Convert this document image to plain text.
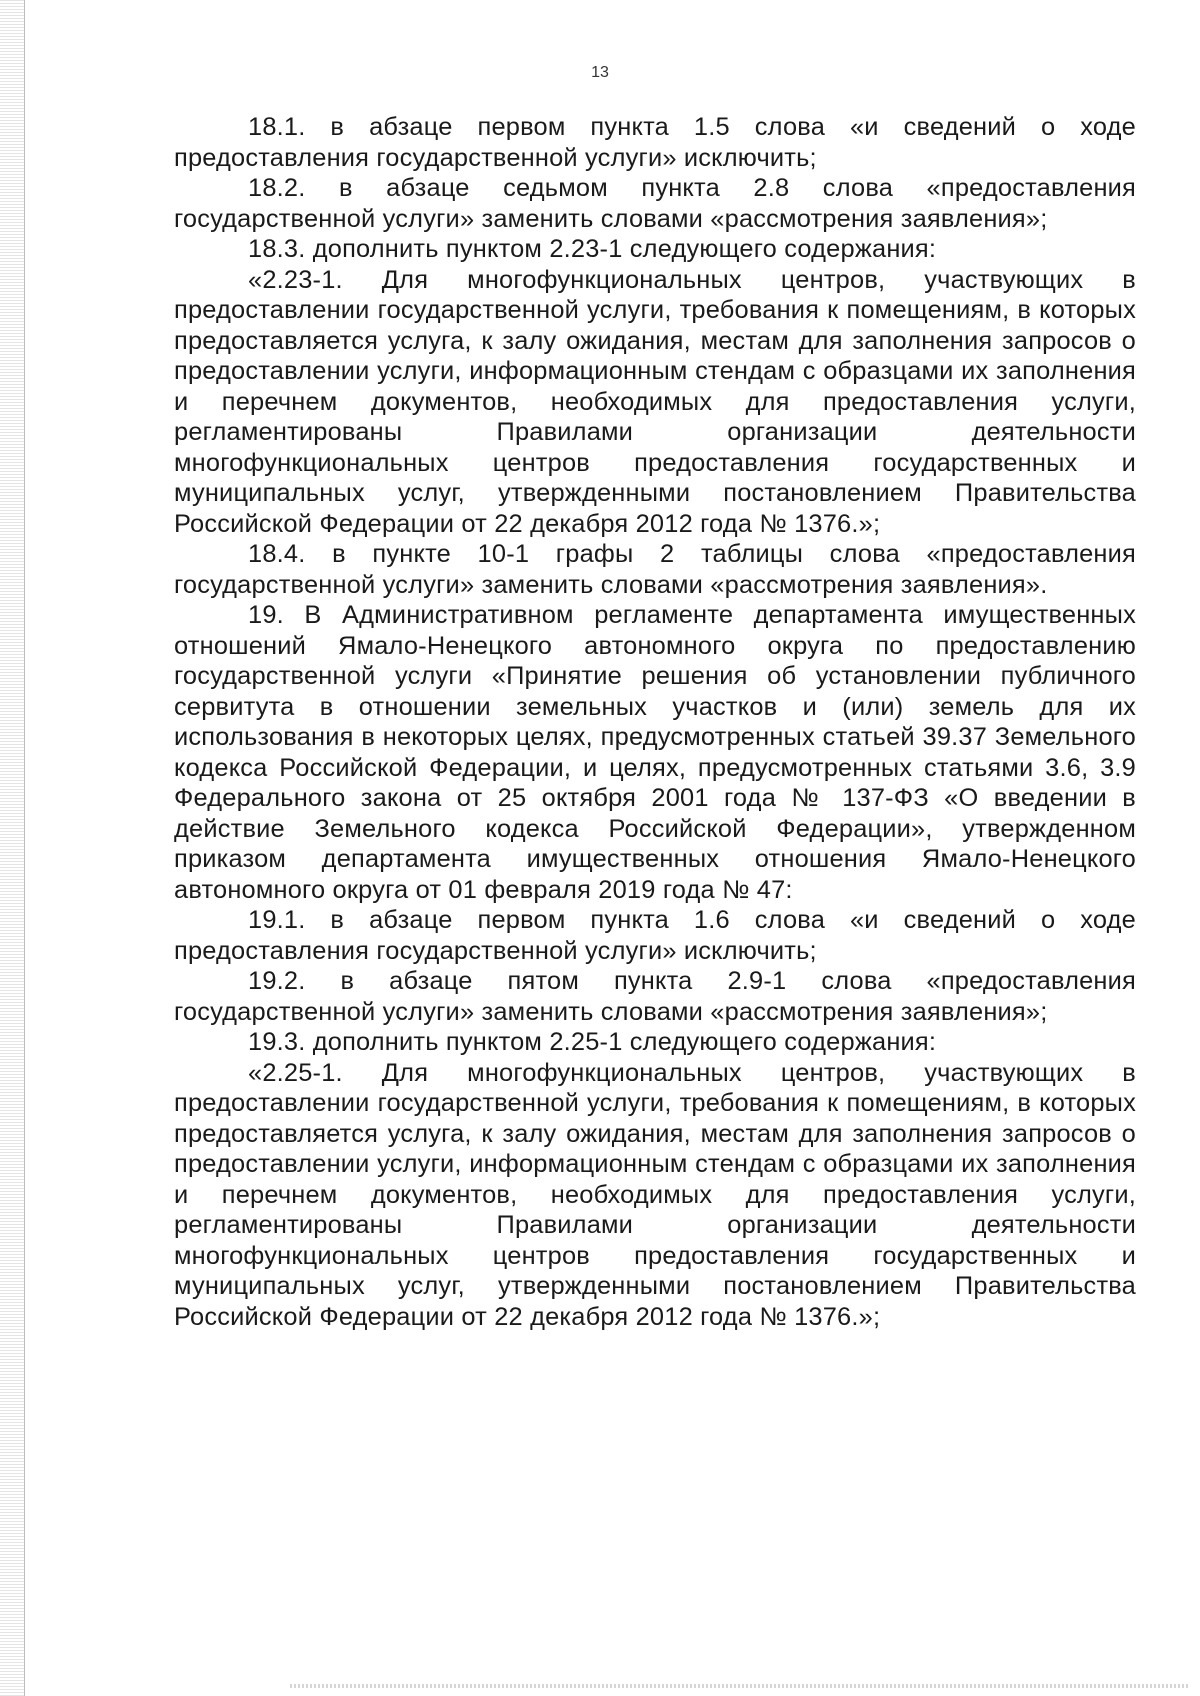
13

18.1. в абзаце первом пункта 1.5 слова «и сведений о ходе предоставления государственной услуги» исключить;

18.2. в абзаце седьмом пункта 2.8 слова «предоставления государственной услуги» заменить словами «рассмотрения заявления»;

18.3. дополнить пунктом 2.23-1 следующего содержания:

«2.23-1. Для многофункциональных центров, участвующих в предоставлении государственной услуги, требования к помещениям, в которых предоставляется услуга, к залу ожидания, местам для заполнения запросов о предоставлении услуги, информационным стендам с образцами их заполнения и перечнем документов, необходимых для предоставления услуги, регламентированы Правилами организации деятельности многофункциональных центров предоставления государственных и муниципальных услуг, утвержденными постановлением Правительства Российской Федерации от 22 декабря 2012 года № 1376.»;

18.4. в пункте 10-1 графы 2 таблицы слова «предоставления государственной услуги» заменить словами «рассмотрения заявления».

19. В Административном регламенте департамента имущественных отношений Ямало-Ненецкого автономного округа по предоставлению государственной услуги «Принятие решения об установлении публичного сервитута в отношении земельных участков и (или) земель для их использования в некоторых целях, предусмотренных статьей 39.37 Земельного кодекса Российской Федерации, и целях, предусмотренных статьями 3.6, 3.9 Федерального закона от 25 октября 2001 года № 137-ФЗ «О введении в действие Земельного кодекса Российской Федерации», утвержденном приказом департамента имущественных отношения Ямало-Ненецкого автономного округа от 01 февраля 2019 года № 47:

19.1. в абзаце первом пункта 1.6 слова «и сведений о ходе предоставления государственной услуги» исключить;

19.2. в абзаце пятом пункта 2.9-1 слова «предоставления государственной услуги» заменить словами «рассмотрения заявления»;

19.3. дополнить пунктом 2.25-1 следующего содержания:

«2.25-1. Для многофункциональных центров, участвующих в предоставлении государственной услуги, требования к помещениям, в которых предоставляется услуга, к залу ожидания, местам для заполнения запросов о предоставлении услуги, информационным стендам с образцами их заполнения и перечнем документов, необходимых для предоставления услуги, регламентированы Правилами организации деятельности многофункциональных центров предоставления государственных и муниципальных услуг, утвержденными постановлением Правительства Российской Федерации от 22 декабря 2012 года № 1376.»;
